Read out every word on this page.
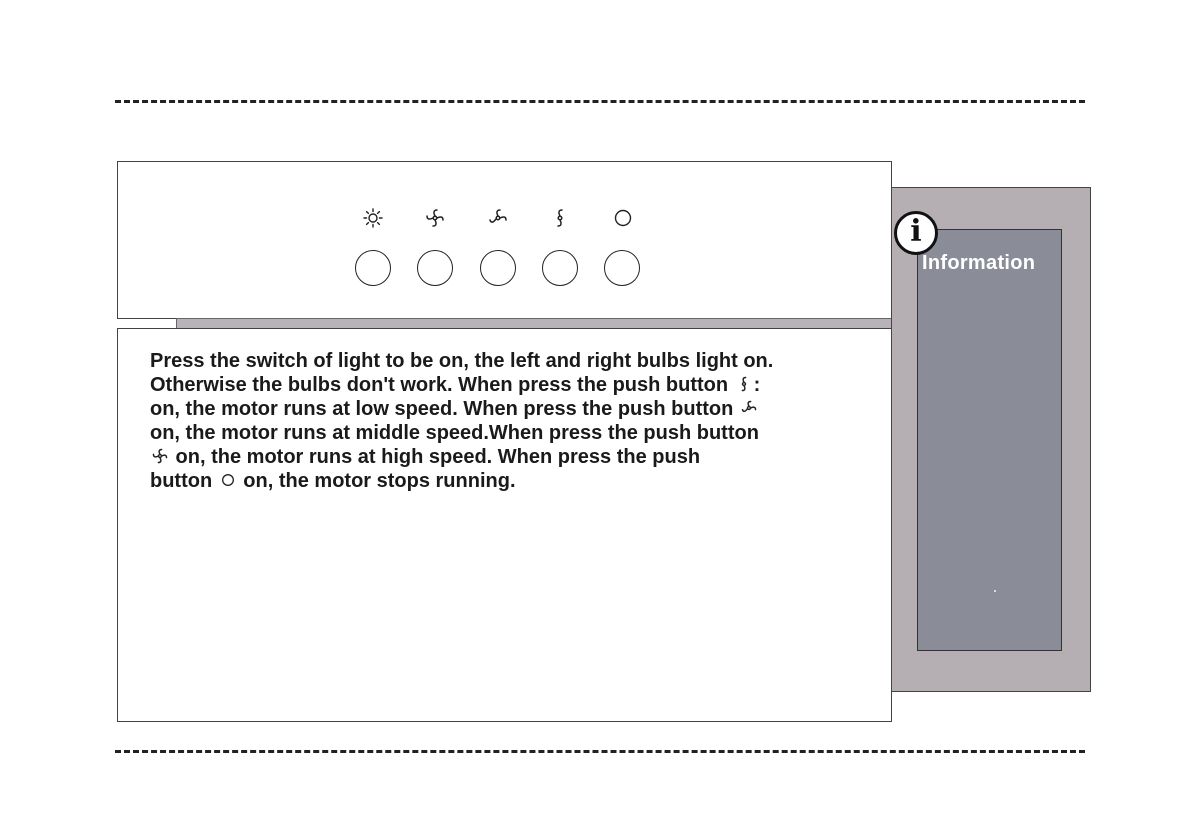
Press the switch of light to be on, the left and right bulbs light on.
Otherwise the bulbs don't work. When press the push button :
on, the motor runs at low speed. When press the push button
on, the motor runs at middle speed.When press the push button
on, the motor runs at high speed. When press the push
button  on, the motor stops running.

i
Information
